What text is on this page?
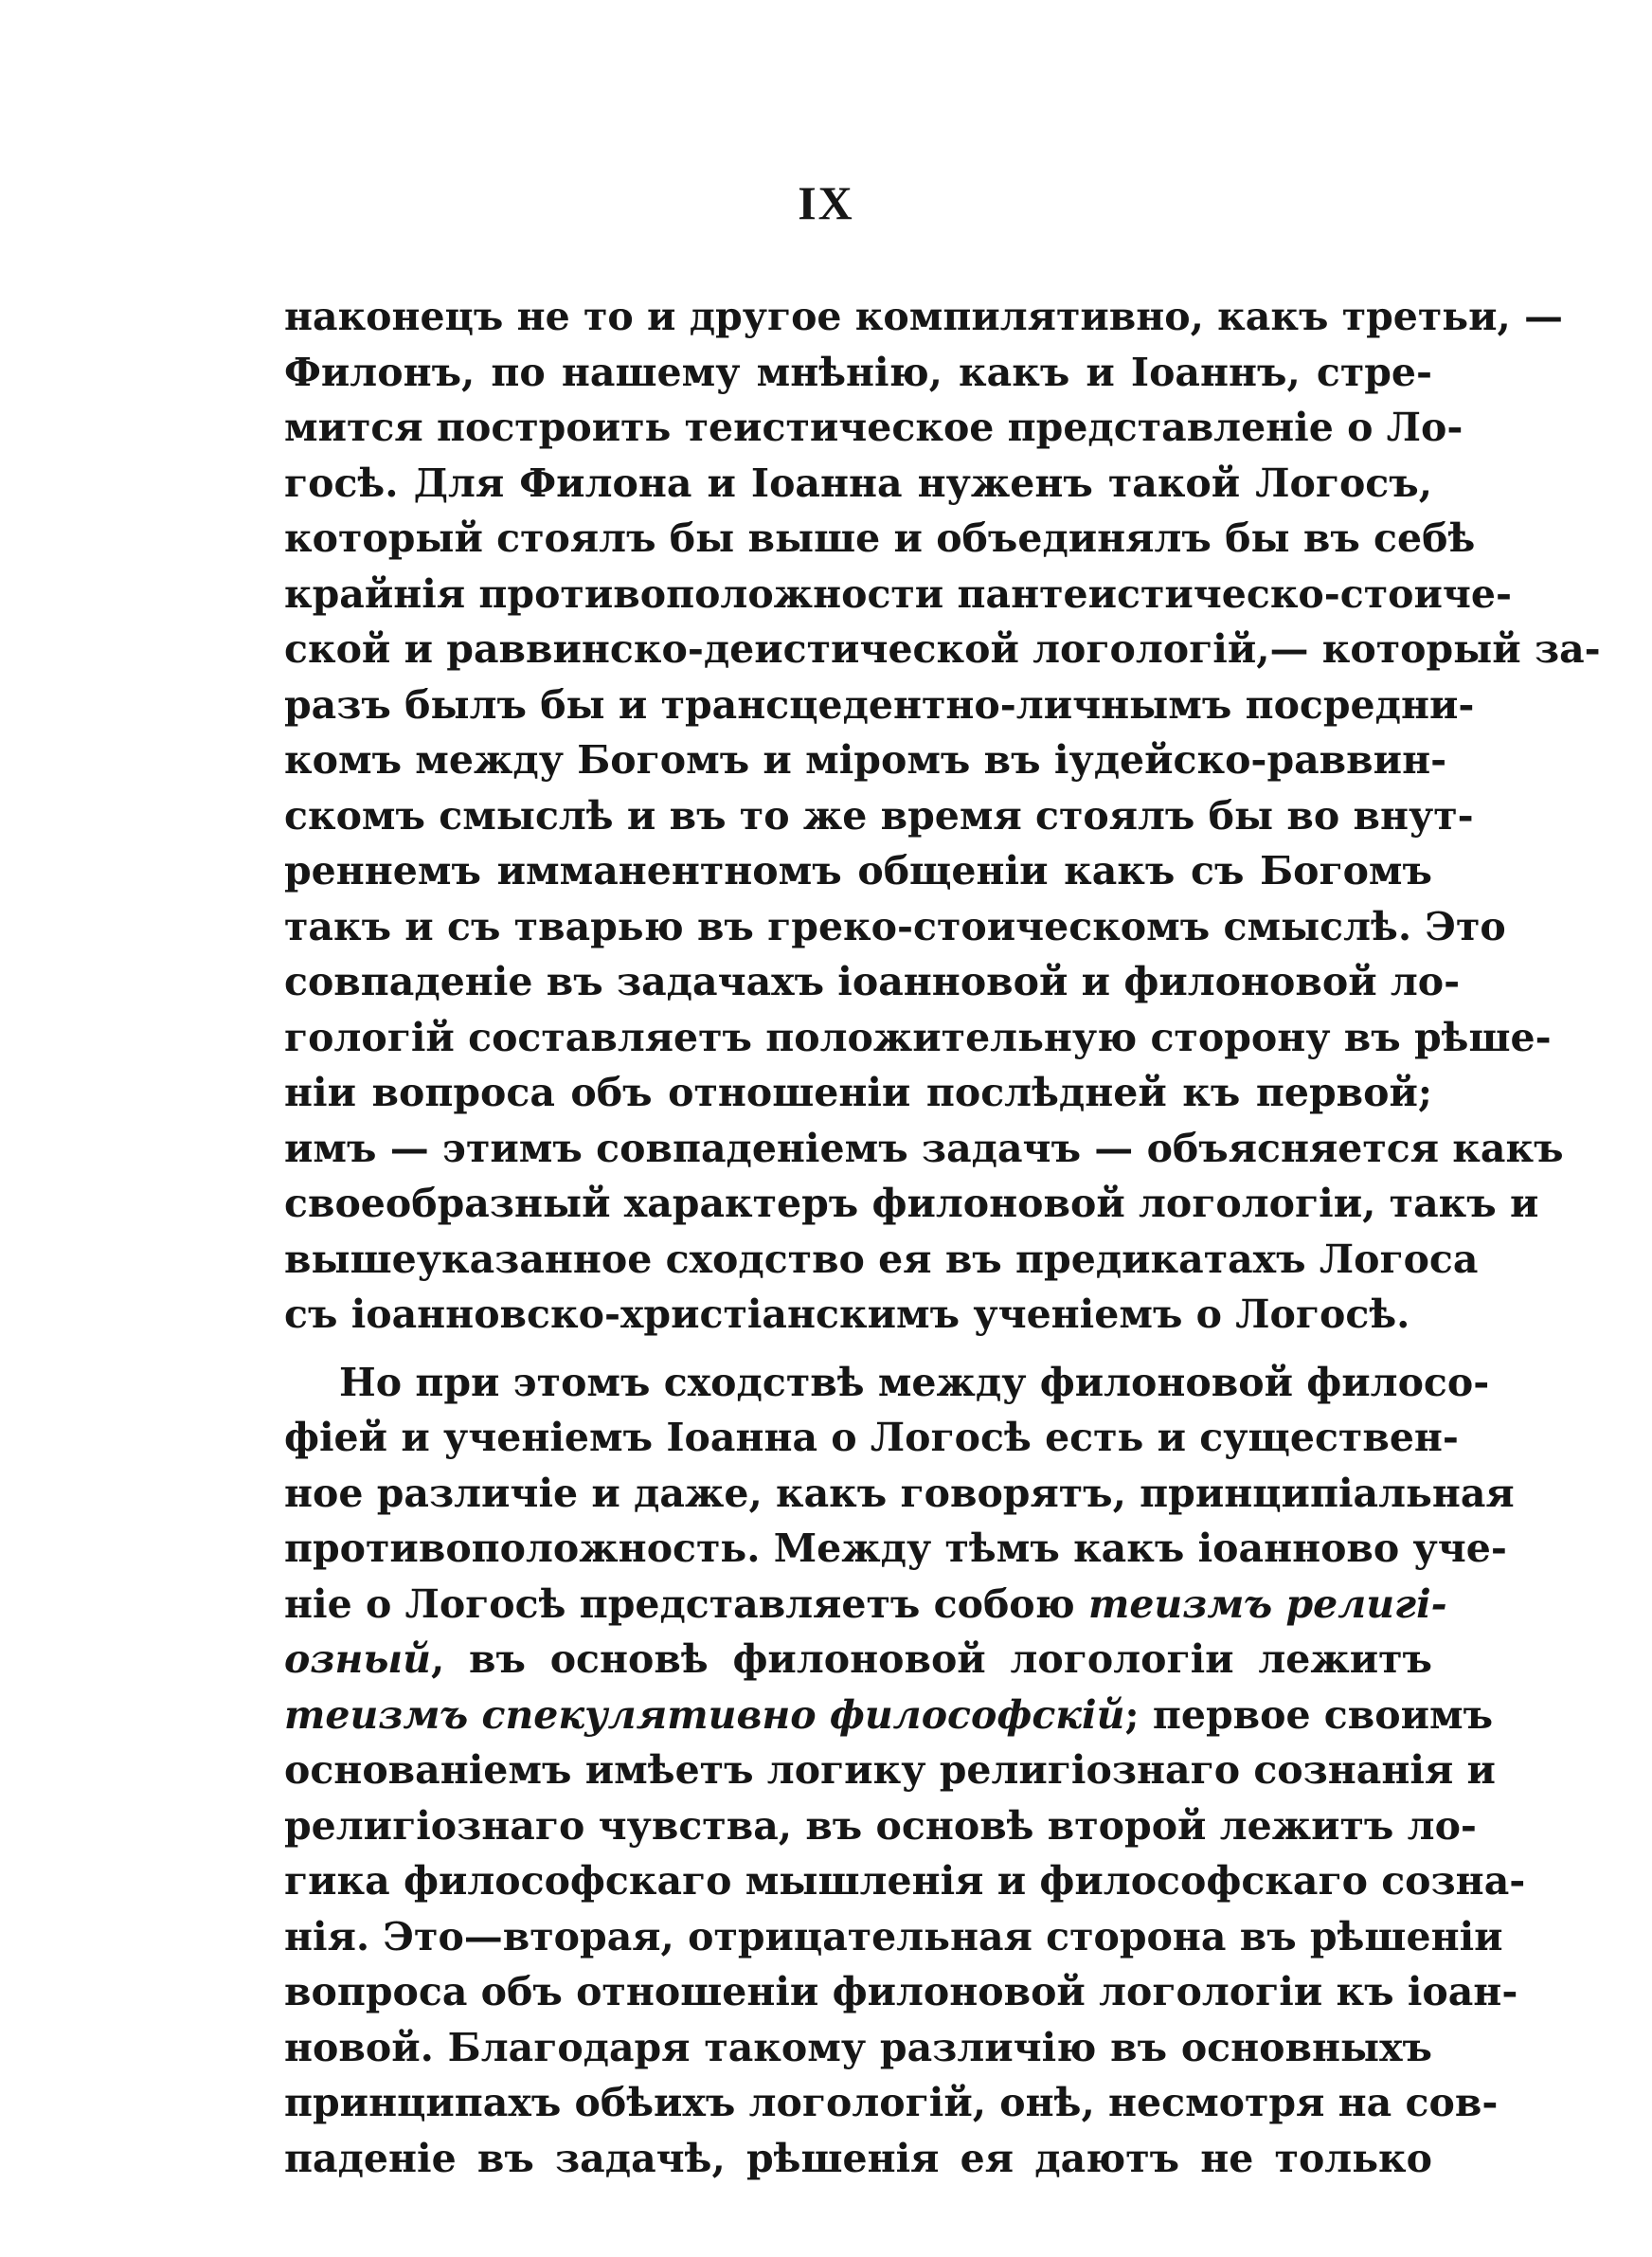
IX
наконецъ не то и другое компилятивно, какъ третьи, —
Филонъ, по нашему мнѣнію, какъ и Іоаннъ, стре-
мится построить теистическое представленіе о Ло-
госѣ. Для Филона и Іоанна нуженъ такой Логосъ,
который стоялъ бы выше и объединялъ бы въ себѣ
крайнія противоположности пантеистическо-стоиче-
ской и раввинско-деистической логологій,— который за-
разъ былъ бы и трансцедентно-личнымъ посредни-
комъ между Богомъ и міромъ въ іудейско-раввин-
скомъ смыслѣ и въ то же время стоялъ бы во внут-
реннемъ имманентномъ общеніи какъ съ Богомъ
такъ и съ тварью въ греко-стоическомъ смыслѣ. Это
совпаденіе въ задачахъ іоанновой и филоновой ло-
гологій составляетъ положительную сторону въ рѣше-
ніи вопроса объ отношеніи послѣдней къ первой;
имъ — этимъ совпаденіемъ задачъ — объясняется какъ
своеобразный характеръ филоновой логологіи, такъ и
вышеуказанное сходство ея въ предикатахъ Логоса
съ іоанновско-христіанскимъ ученіемъ о Логосѣ.
Но при этомъ сходствѣ между филоновой филосо-
фіей и ученіемъ Іоанна о Логосѣ есть и существен-
ное различіе и даже, какъ говорятъ, принципіальная
противоположность. Между тѣмъ какъ іоанново уче-
ніе о Логосѣ представляетъ собою теизмъ религі-
озный, въ основѣ филоновой логологіи лежитъ
теизмъ спекулятивно философскій; первое своимъ
основаніемъ имѣетъ логику религіознаго сознанія и
религіознаго чувства, въ основѣ второй лежитъ ло-
гика философскаго мышленія и философскаго созна-
нія. Это—вторая, отрицательная сторона въ рѣшеніи
вопроса объ отношеніи филоновой логологіи къ іоан-
новой. Благодаря такому различію въ основныхъ
принципахъ обѣихъ логологій, онѣ, несмотря на сов-
паденіе въ задачѣ, рѣшенія ея даютъ не только
